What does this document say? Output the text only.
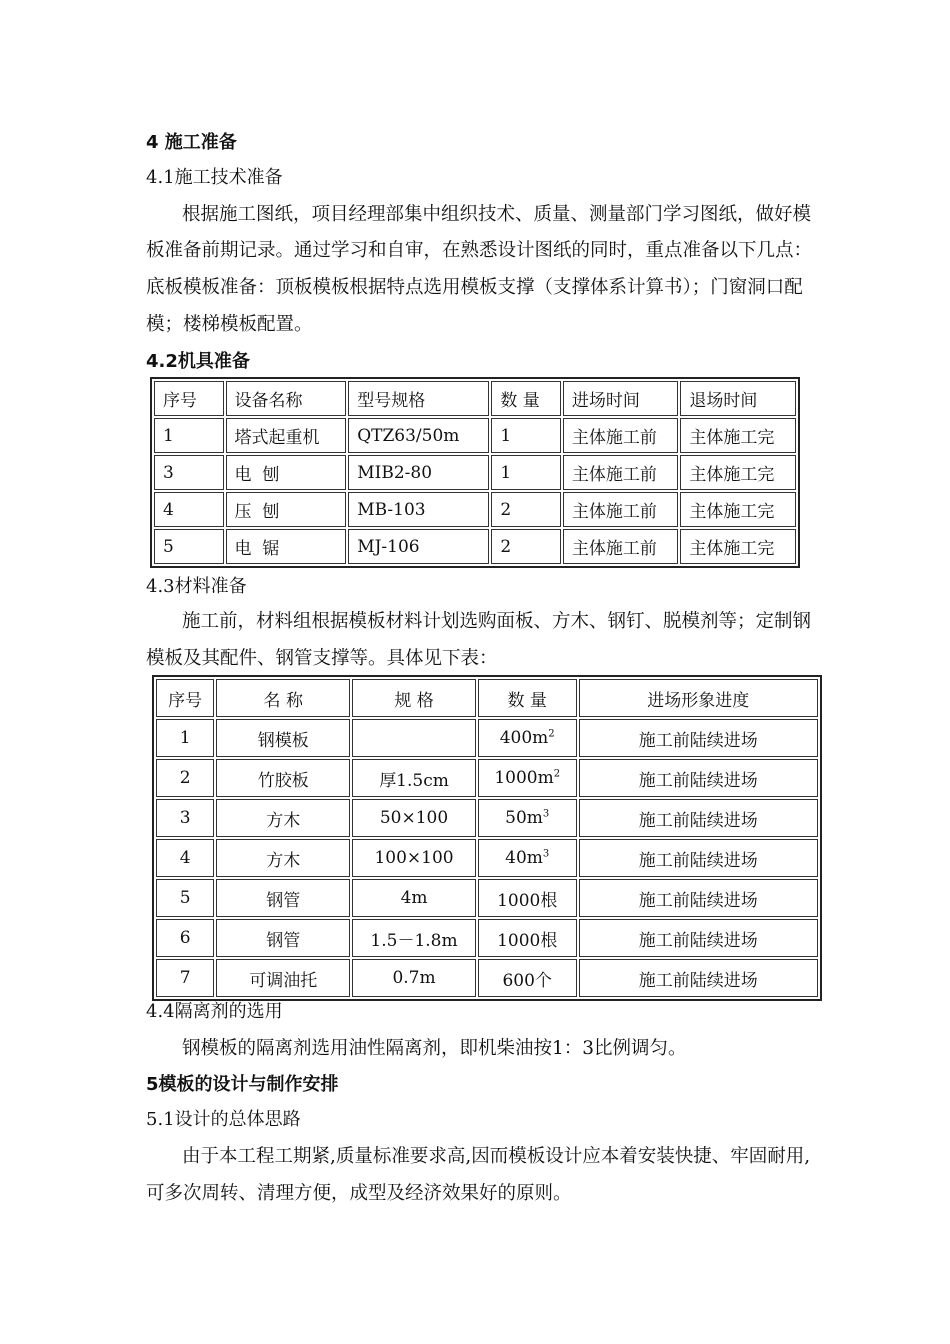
4 施工准备
4.1施工技术准备
根据施工图纸，项目经理部集中组织技术、质量、测量部门学习图纸，做好模
板准备前期记录。通过学习和自审，在熟悉设计图纸的同时，重点准备以下几点：
底板模板准备：顶板模板根据特点选用模板支撑（支撑体系计算书）；门窗洞口配
模；楼梯模板配置。
4.2机具准备
序号	设备名称	型号规格	数 量	进场时间	退场时间
1	塔式起重机	QTZ63/50m	1	主体施工前	主体施工完
3	电  刨	MIB2-80	1	主体施工前	主体施工完
4	压  刨	MB-103	2	主体施工前	主体施工完
5	电  锯	MJ-106	2	主体施工前	主体施工完
4.3材料准备
施工前，材料组根据模板材料计划选购面板、方木、钢钉、脱模剂等；定制钢
模板及其配件、钢管支撑等。具体见下表：
序号	名 称	规 格	数 量	进场形象进度
1	钢模板		$400m^2$	施工前陆续进场
2	竹胶板	厚1.5cm	$1000m^2$	施工前陆续进场
3	方木	50×100	$50m^3$	施工前陆续进场
4	方木	100×100	$40m^3$	施工前陆续进场
5	钢管	4m	1000根	施工前陆续进场
6	钢管	1.5－1.8m	1000根	施工前陆续进场
7	可调油托	0.7m	600个	施工前陆续进场
4.4隔离剂的选用
钢模板的隔离剂选用油性隔离剂，即机柴油按1：3比例调匀。
5模板的设计与制作安排
5.1设计的总体思路
由于本工程工期紧,质量标准要求高,因而模板设计应本着安装快捷、牢固耐用,
可多次周转、清理方便，成型及经济效果好的原则。
